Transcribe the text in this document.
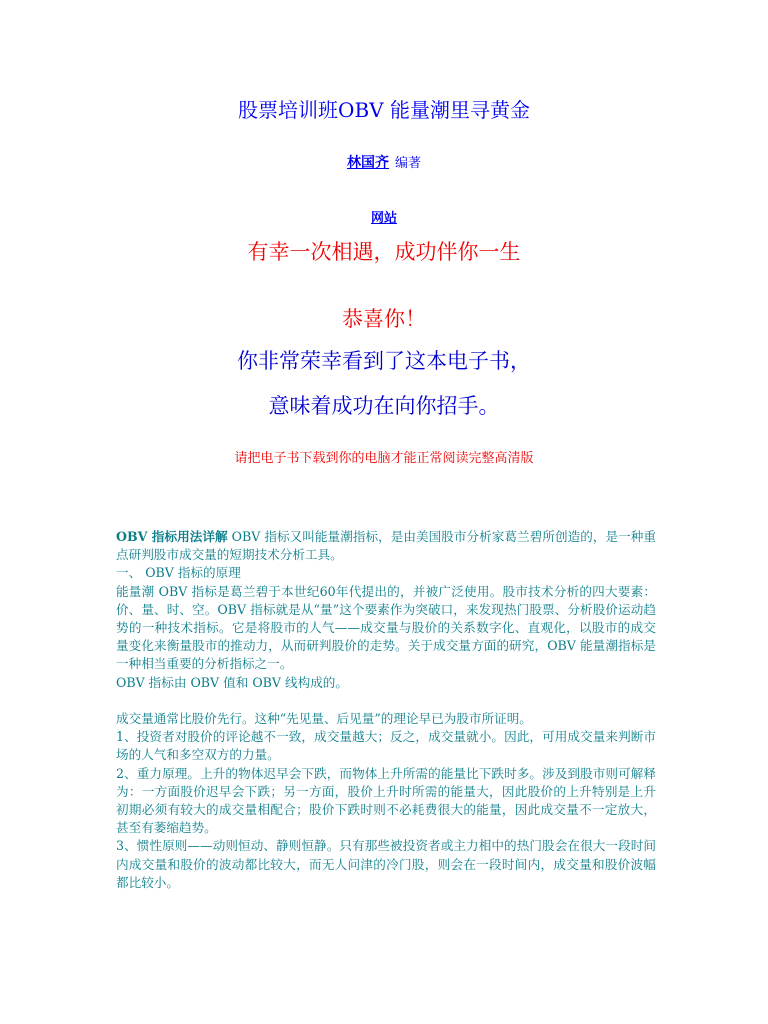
股票培训班OBV 能量潮里寻黄金
林国齐 编著
网站
有幸一次相遇，成功伴你一生
恭喜你！
你非常荣幸看到了这本电子书，
意味着成功在向你招手。
请把电子书下载到你的电脑才能正常阅读完整高清版

OBV 指标用法详解 OBV 指标又叫能量潮指标，是由美国股市分析家葛兰碧所创造的，是一种重点研判股市成交量的短期技术分析工具。

一、 OBV 指标的原理

能量潮 OBV 指标是葛兰碧于本世纪60年代提出的，并被广泛使用。股市技术分析的四大要素：价、量、时、空。OBV 指标就是从“量”这个要素作为突破口，来发现热门股票、分析股价运动趋势的一种技术指标。它是将股市的人气——成交量与股价的关系数字化、直观化，以股市的成交量变化来衡量股市的推动力，从而研判股价的走势。关于成交量方面的研究，OBV 能量潮指标是一种相当重要的分析指标之一。

OBV 指标由 OBV 值和 OBV 线构成的。

成交量通常比股价先行。这种“先见量、后见量”的理论早已为股市所证明。

1、投资者对股价的评论越不一致，成交量越大；反之，成交量就小。因此，可用成交量来判断市场的人气和多空双方的力量。

2、重力原理。上升的物体迟早会下跌，而物体上升所需的能量比下跌时多。涉及到股市则可解释为：一方面股价迟早会下跌；另一方面，股价上升时所需的能量大，因此股价的上升特别是上升初期必须有较大的成交量相配合；股价下跌时则不必耗费很大的能量，因此成交量不一定放大，甚至有萎缩趋势。

3、惯性原则——动则恒动、静则恒静。只有那些被投资者或主力相中的热门股会在很大一段时间内成交量和股价的波动都比较大，而无人问津的冷门股，则会在一段时间内，成交量和股价波幅都比较小。
